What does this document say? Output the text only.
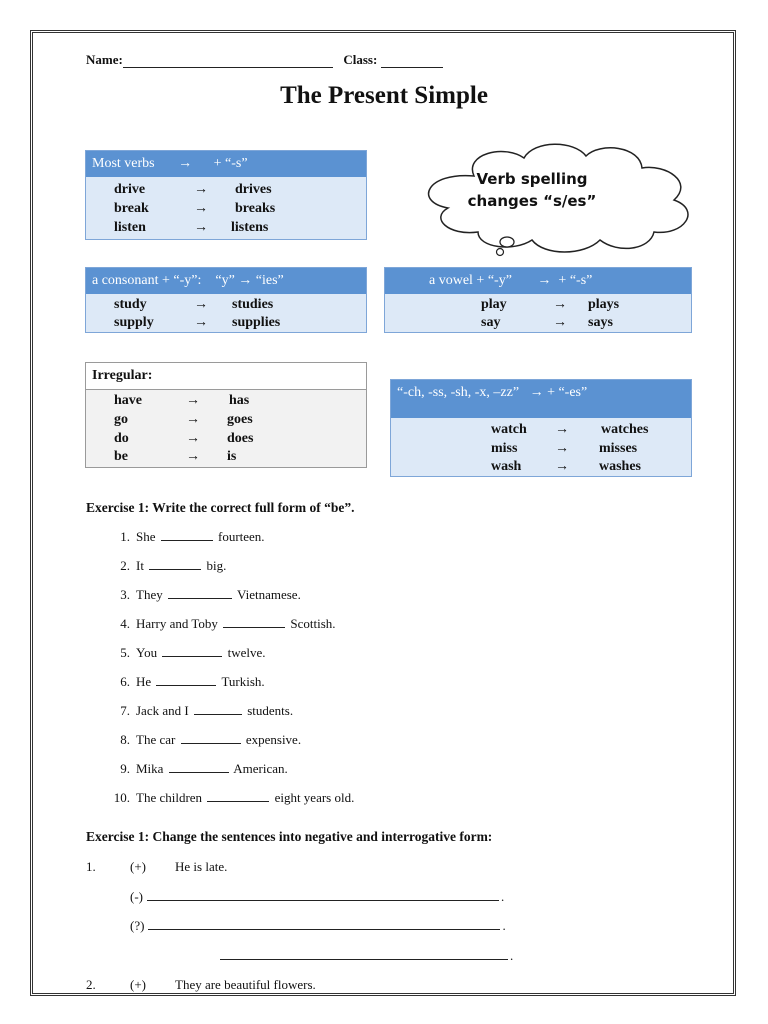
Name:	Class:
The Present Simple
Most verbs → + “-s”
drive	→ drives
break	→ breaks
listen	→ listens
Verb spelling
changes “s/es”
a consonant + “-y”:    “y” → “ies”
study	→ studies
supply	→ supplies
a vowel + “-y” →  + “-s”
play	→ plays
say	→ says
Irregular:
have	→ has
go	→ goes
do	→ does
be	→ is
“-ch, -ss, -sh, -x, –zz”   → + “-es”
watch → watches
miss	→ misses
wash → washes
Exercise 1: Write the correct full form of “be”.
1. She	fourteen.
2. It	big.
3. They	Vietnamese.
4. Harry and Toby	Scottish.
5. You	twelve.
6. He	Turkish.
7. Jack and I	students.
8. The car	expensive.
9. Mika	American.
10. The children	eight years old.
Exercise 1: Change the sentences into negative and interrogative form:
1.	(+) He is late.
(-)	.
(?)	.
.
2.	(+) They are beautiful flowers.
